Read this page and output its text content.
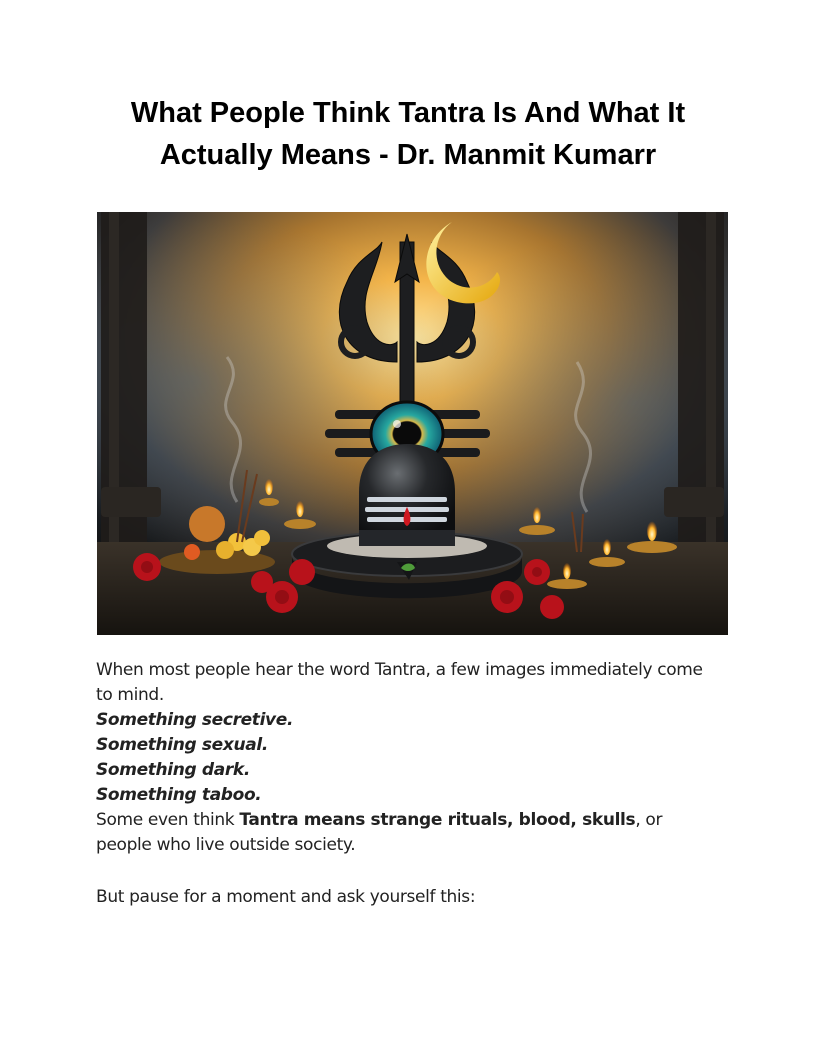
What People Think Tantra Is And What It Actually Means - Dr. Manmit Kumarr

When most people hear the word Tantra, a few images immediately come to mind.

Something secretive.

Something sexual.

Something dark.

Something taboo.

Some even think Tantra means strange rituals, blood, skulls, or people who live outside society.

But pause for a moment and ask yourself this:
